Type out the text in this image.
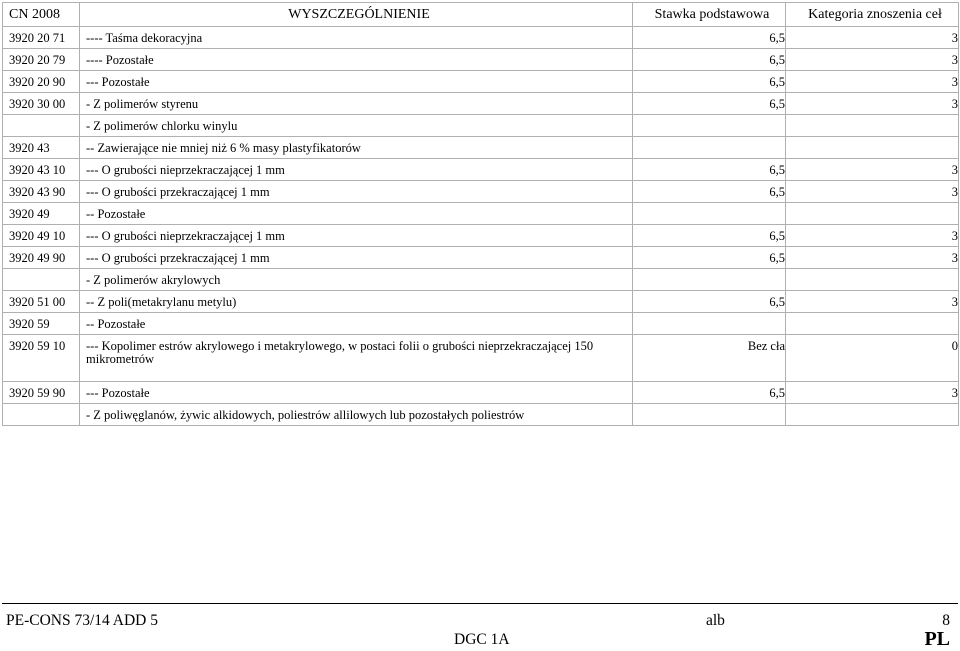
CN 2008	WYSZCZEGÓLNIENIE	Stawka podstawowa	Kategoria znoszenia ceł
3920 20 71	---- Taśma dekoracyjna	6,5	3
3920 20 79	---- Pozostałe	6,5	3
3920 20 90	--- Pozostałe	6,5	3
3920 30 00	- Z polimerów styrenu	6,5	3
	- Z polimerów chlorku winylu		
3920 43	-- Zawierające nie mniej niż 6 % masy plastyfikatorów		
3920 43 10	--- O grubości nieprzekraczającej 1 mm	6,5	3
3920 43 90	--- O grubości przekraczającej 1 mm	6,5	3
3920 49	-- Pozostałe		
3920 49 10	--- O grubości nieprzekraczającej 1 mm	6,5	3
3920 49 90	--- O grubości przekraczającej 1 mm	6,5	3
	- Z polimerów akrylowych		
3920 51 00	-- Z poli(metakrylanu metylu)	6,5	3
3920 59	-- Pozostałe		
3920 59 10	--- Kopolimer estrów akrylowego i metakrylowego, w postaci folii o grubości nieprzekraczającej 150 mikrometrów	Bez cła	0
3920 59 90	--- Pozostałe	6,5	3
	- Z poliwęglanów, żywic alkidowych, poliestrów allilowych lub pozostałych poliestrów		
PE-CONS 73/14 ADD 5	alb	8
DGC 1A	PL
